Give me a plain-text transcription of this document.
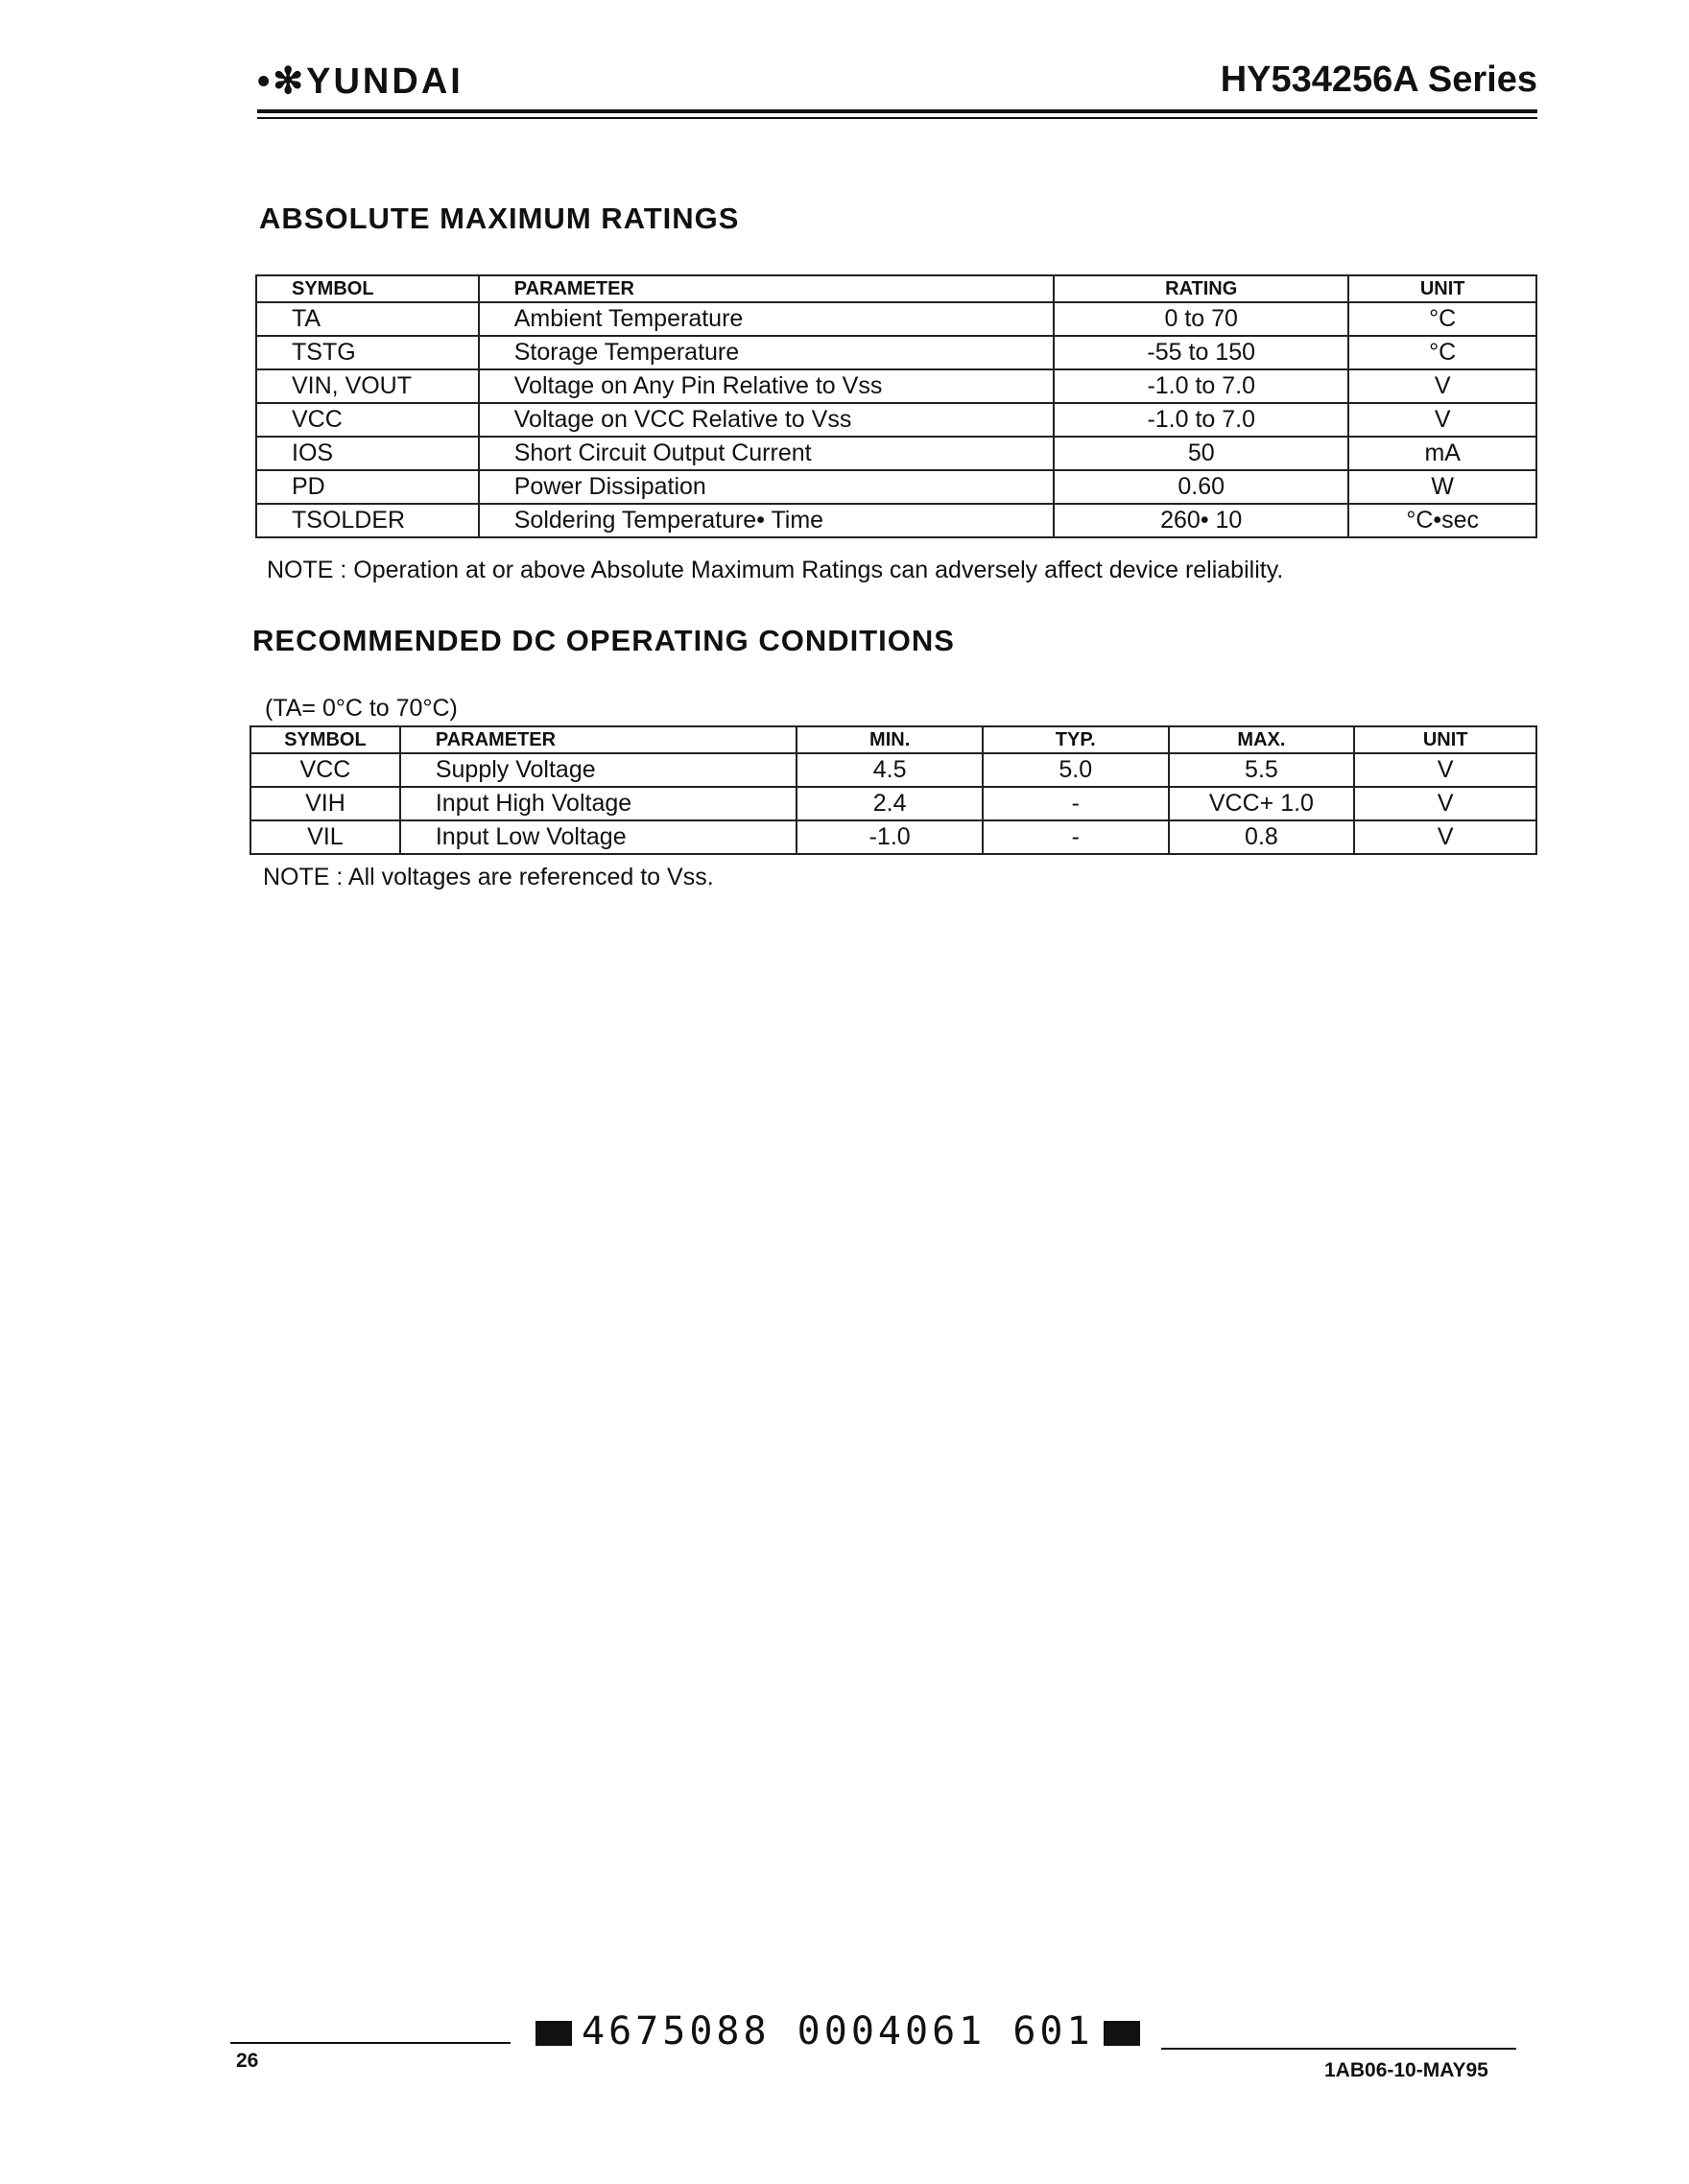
•✻YUNDAI	HY534256A Series
ABSOLUTE MAXIMUM RATINGS
SYMBOL	PARAMETER	RATING	UNIT
TA	Ambient Temperature	0 to 70	°C
TSTG	Storage Temperature	-55 to 150	°C
VIN, VOUT	Voltage on Any Pin Relative to Vss	-1.0 to 7.0	V
VCC	Voltage on VCC Relative to Vss	-1.0 to 7.0	V
IOS	Short Circuit Output Current	50	mA
PD	Power Dissipation	0.60	W
TSOLDER	Soldering Temperature• Time	260• 10	°C•sec
NOTE : Operation at or above Absolute Maximum Ratings can adversely affect device reliability.
RECOMMENDED DC OPERATING CONDITIONS
(TA= 0°C to 70°C)
SYMBOL	PARAMETER	MIN.	TYP.	MAX.	UNIT
VCC	Supply Voltage	4.5	5.0	5.5	V
VIH	Input High Voltage	2.4	-	VCC+ 1.0	V
VIL	Input Low Voltage	-1.0	-	0.8	V
NOTE : All voltages are referenced to Vss.
4675088 0004061 601
26	1AB06-10-MAY95
